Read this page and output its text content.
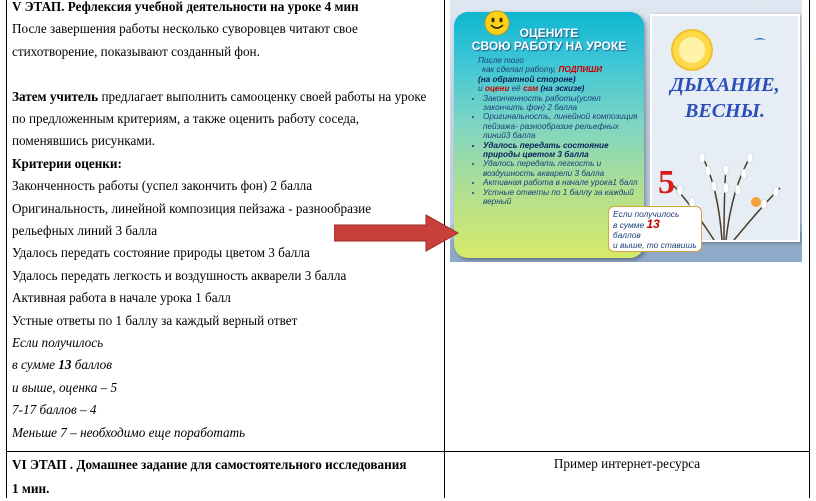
V ЭТАП. Рефлексия учебной деятельности на уроке 4 мин
После завершения работы несколько суворовцев читают свое
стихотворение, показывают созданный фон.
Затем учитель предлагает выполнить самооценку своей работы на уроке
по предложенным критериям, а также оценить работу соседа,
поменявшись рисунками.
Критерии оценки:
Законченность работы (успел закончить фон) 2 балла
Оригинальность, линейной композиция пейзажа - разнообразие
рельефных линий 3 балла
Удалось передать состояние природы цветом 3 балла
Удалось передать легкость и воздушность акварели 3 балла
Активная работа в начале урока 1 балл
Устные ответы по 1 баллу за каждый верный ответ
Если получилось
в сумме 13 баллов
и выше, оценка – 5
7-17 баллов – 4
Меньше 7 – необходимо еще поработать
VI ЭТАП . Домашнее задание для самостоятельного исследования
1 мин.
Пример интернет-ресурса
ОЦЕНИТЕ
СВОЮ РАБОТУ НА УРОКЕ
После того
как сделал работу, ПОДПИШИ
(на обратной стороне)
и оцени её сам (на эскизе)
• Законченность работы(успел закончить фон) 2 балла
• Оригинальность, линейной композиция пейзажа- разнообразие рельефных линий3 балла
• Удалось передать состояние природы цветом 3 балла
• Удалось передать легкость и воздушность акварели 3 балла
• Активная работа в начале урока1 балл
• Устные ответы по 1 баллу за каждый верный
ДЫХАНИЕ,
ВЕСНЫ.
5
Если получилось
в сумме 13
баллов
и выше, то ставишь
